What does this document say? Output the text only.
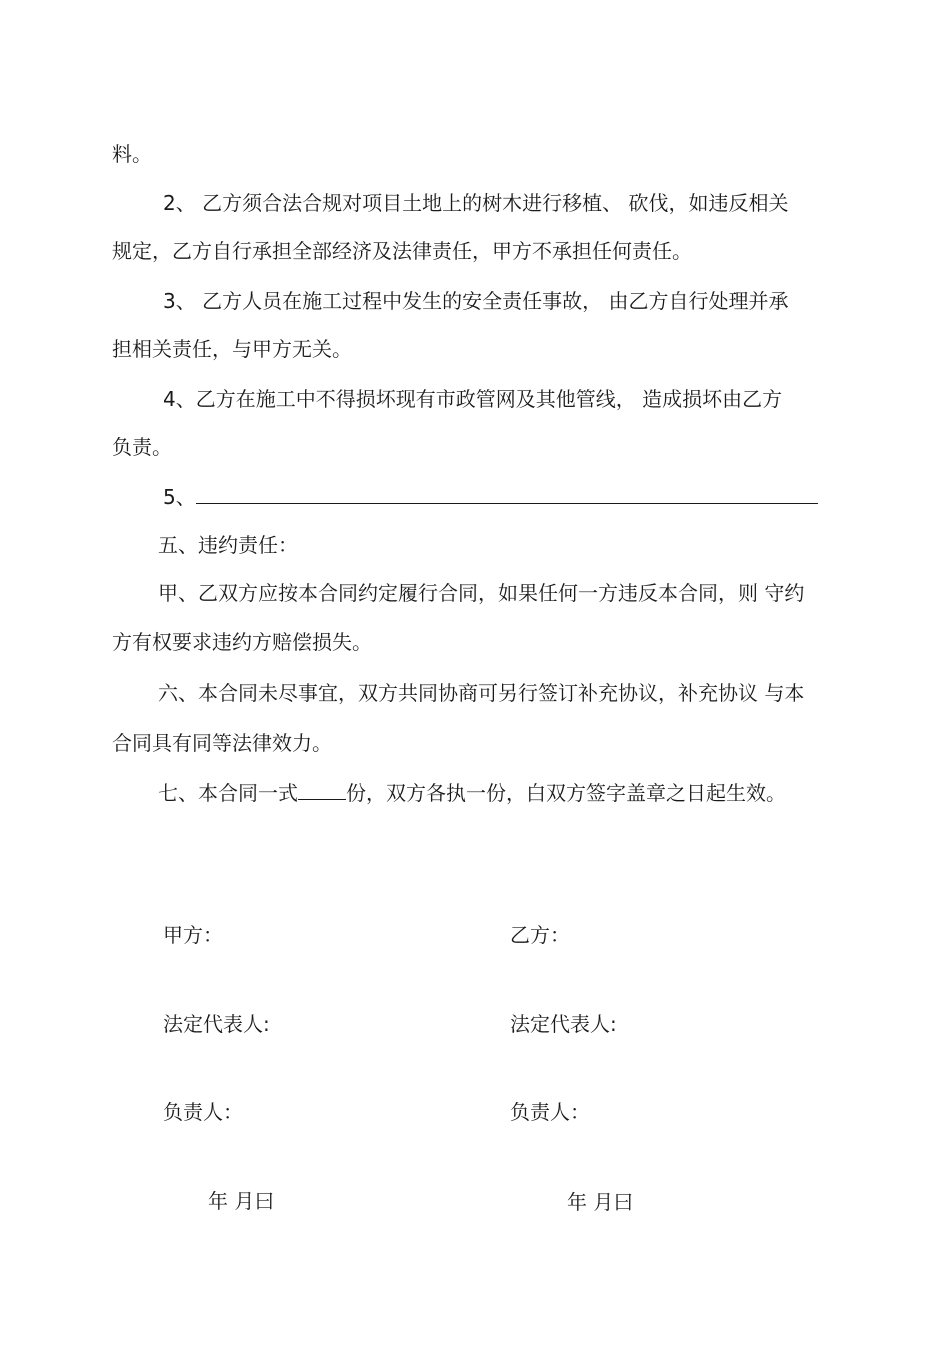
料。
2、 乙方须合法合规对项目土地上的树木进行移植、 砍伐，如违反相关
规定，乙方自行承担全部经济及法律责任，甲方不承担任何责任。
3、 乙方人员在施工过程中发生的安全责任事故， 由乙方自行处理并承
担相关责任，与甲方无关。
4、乙方在施工中不得损坏现有市政管网及其他管线， 造成损坏由乙方
负责。
5、
五、违约责任：
甲、乙双方应按本合同约定履行合同，如果任何一方违反本合同，则 守约
方有权要求违约方赔偿损失。
六、本合同未尽事宜，双方共同协商可另行签订补充协议，补充协议 与本
合同具有同等法律效力。
七、本合同一式 份，双方各执一份，白双方签字盖章之日起生效。
甲方：	乙方：
法定代表人:	法定代表人:
负责人：	负责人：
年 月曰	年 月曰
